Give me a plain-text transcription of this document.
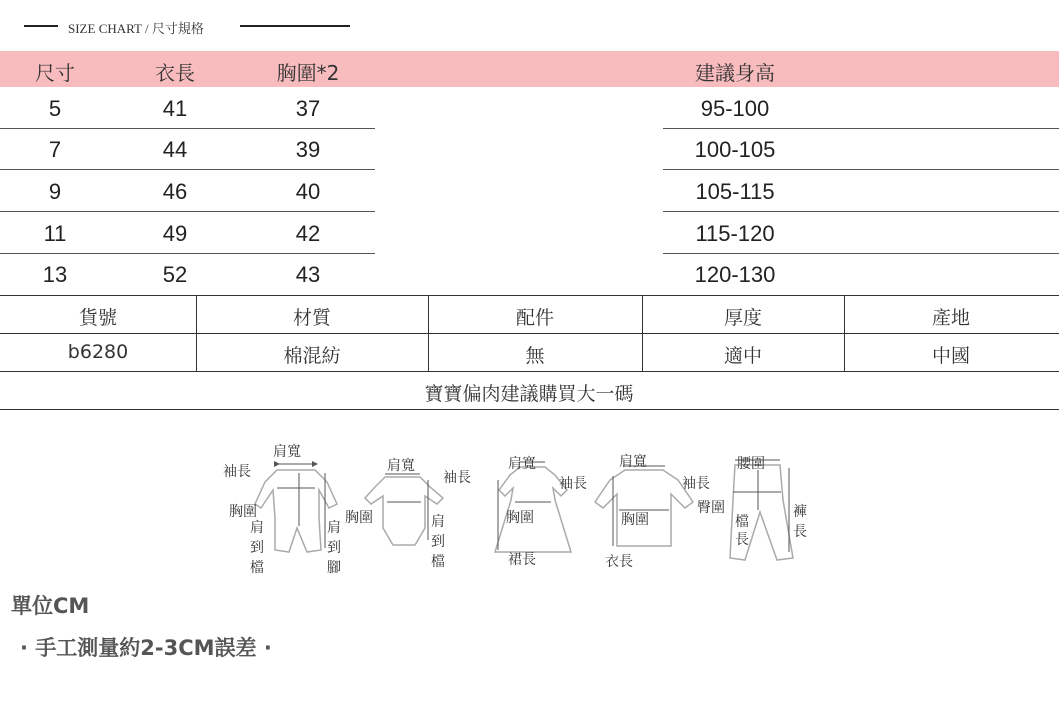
SIZE CHART / 尺寸規格
尺寸	衣長	胸圍*2	建議身高
5	41	37	95-100
7	44	39	100-105
9	46	40	105-115
11	49	42	115-120
13	52	43	120-130
貨號	材質	配件	厚度	產地
b6280	棉混紡	無	適中	中國
寶寶偏肉建議購買大一碼
肩寬
袖長
胸圍
肩
到
檔
肩
到
腳
肩寬
袖長
胸圍	肩
到
檔
肩寬
袖長
胸圍
裙長
肩寬
袖長
胸圍
衣長
腰圍
臀圍
檔
長
褲
長
單位CM
· 手工測量約2-3CM誤差 ·
